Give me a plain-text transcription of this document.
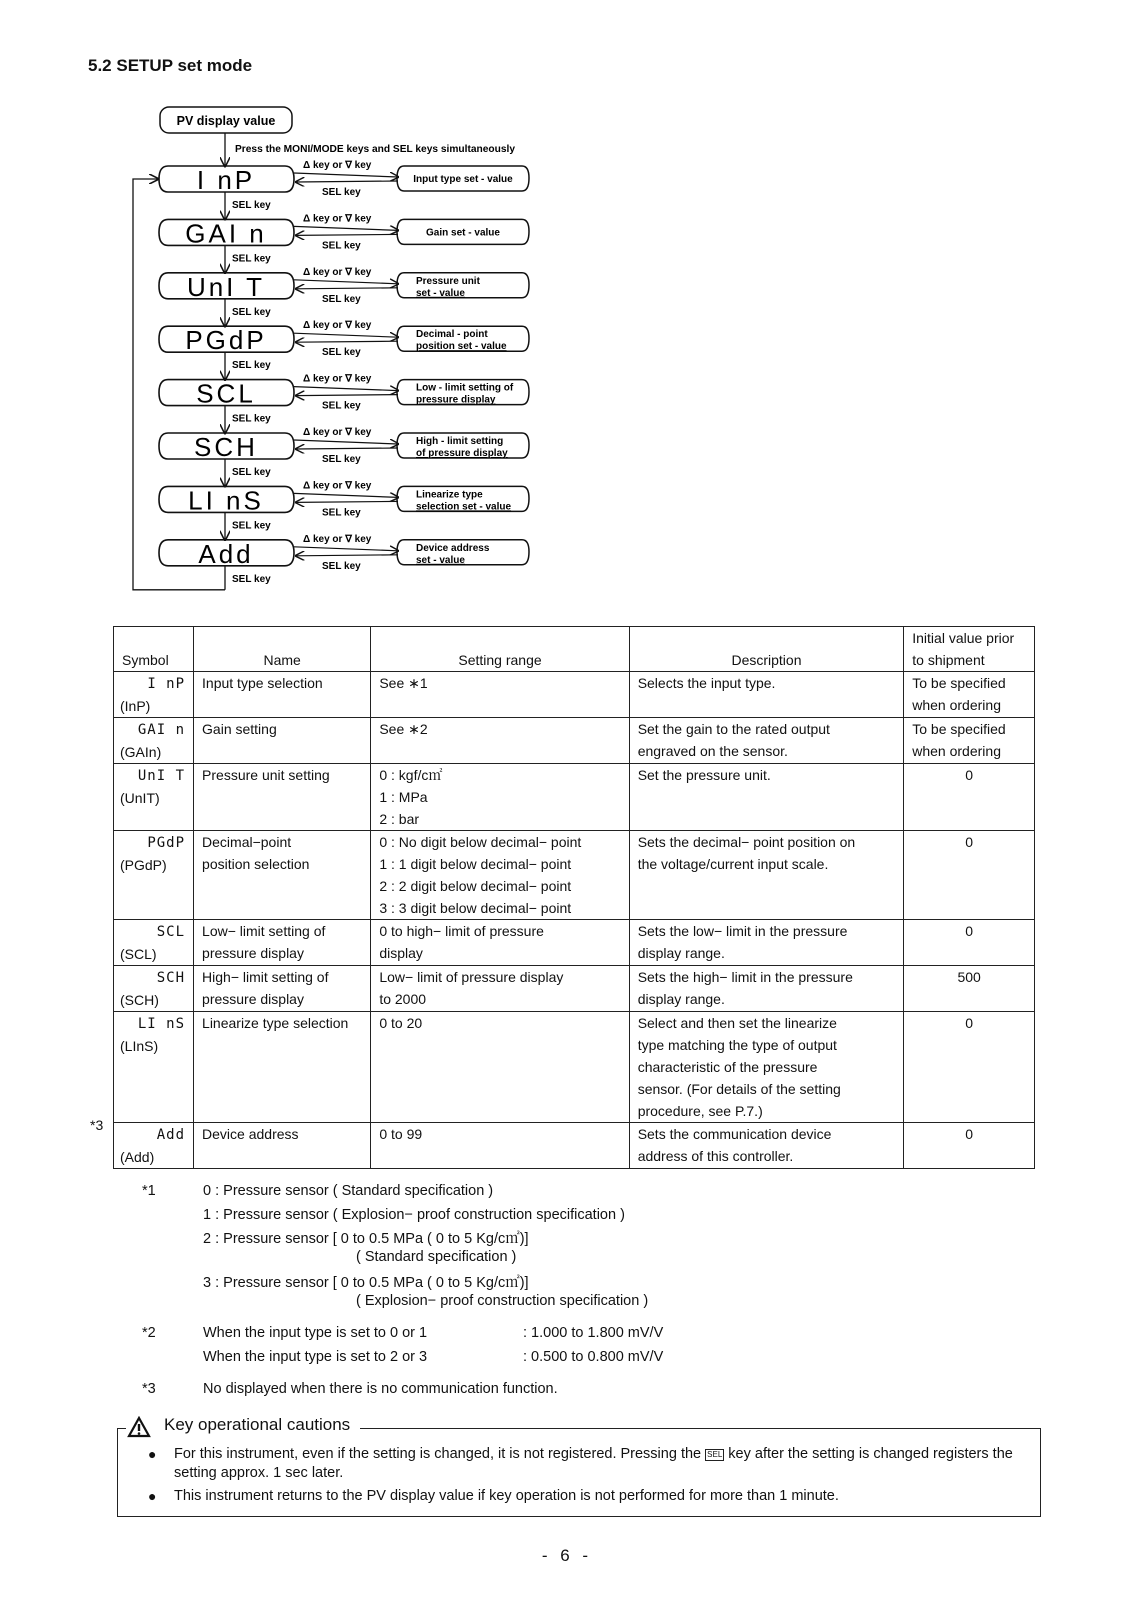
5.2 SETUP set mode
PV display value
Press the MONI/MODE keys and SEL keys simultaneously
I nP	Δ key or ∇ key
SEL key
Input type set - value
SEL key
GAI n	Δ key or ∇ key
SEL key
Gain set - value
SEL key
UnI T	Δ key or ∇ key
SEL key
Pressure unit
set - value
SEL key
PGdP	Δ key or ∇ key
SEL key
Decimal - point
position set - value
SEL key
SCL	Δ key or ∇ key
SEL key
Low - limit setting of
pressure display
SEL key
SCH	Δ key or ∇ key
SEL key
High - limit setting
of pressure display
SEL key
LI nS	Δ key or ∇ key
SEL key
Linearize type
selection set - value
SEL key
Add	Δ key or ∇ key
SEL key
Device address
set - value
SEL key
Symbol	Name	Setting range	Description	Initial value prior
to shipment
I nP
(InP)	Input type selection	See ∗1	Selects the input type.	To be specified
when ordering
GAI n
(GAIn)	Gain setting	See ∗2	Set the gain to the rated output
engraved on the sensor.	To be specified
when ordering
UnI T
(UnIT)	Pressure unit setting	0 : kgf/c㎡
1 : MPa
2 : bar	Set the pressure unit.	0
PGdP
(PGdP)	Decimal−point
position selection	0 : No digit below decimal− point
1 : 1 digit below decimal− point
2 : 2 digit below decimal− point
3 : 3 digit below decimal− point	Sets the decimal− point position on
the voltage/current input scale.	0
SCL
(SCL)	Low− limit setting of
pressure display	0 to high− limit of pressure
display	Sets the low− limit in the pressure
display range.	0
SCH
(SCH)	High− limit setting of
pressure display	Low− limit of pressure display
to 2000	Sets the high− limit in the pressure
display range.	500
LI nS
(LInS)	Linearize type selection	0 to 20	Select and then set the linearize
type matching the type of output
characteristic of the pressure
sensor. (For details of the setting
procedure, see P.7.)	0
Add
(Add)	Device address	0 to 99	Sets the communication device
address of this controller.	0
*3
*1	0 : Pressure sensor ( Standard specification )
1 : Pressure sensor ( Explosion− proof construction specification )
2 : Pressure sensor [ 0 to 0.5 MPa ( 0 to 5 Kg/c㎡)]
( Standard specification )
3 : Pressure sensor [ 0 to 0.5 MPa ( 0 to 5 Kg/c㎡)]
( Explosion− proof construction specification )
*2	When the input type is set to 0 or 1	: 1.000 to 1.800 mV/V
When the input type is set to 2 or 3	: 0.500 to 0.800 mV/V
*3	No displayed when there is no communication function.
● For this instrument, even if the setting is changed, it is not registered. Pressing the SEL key after the setting is changed registers the setting approx. 1 sec later.
● This instrument returns to the PV display value if key operation is not performed for more than 1 minute.
Key operational cautions
- 6 -
